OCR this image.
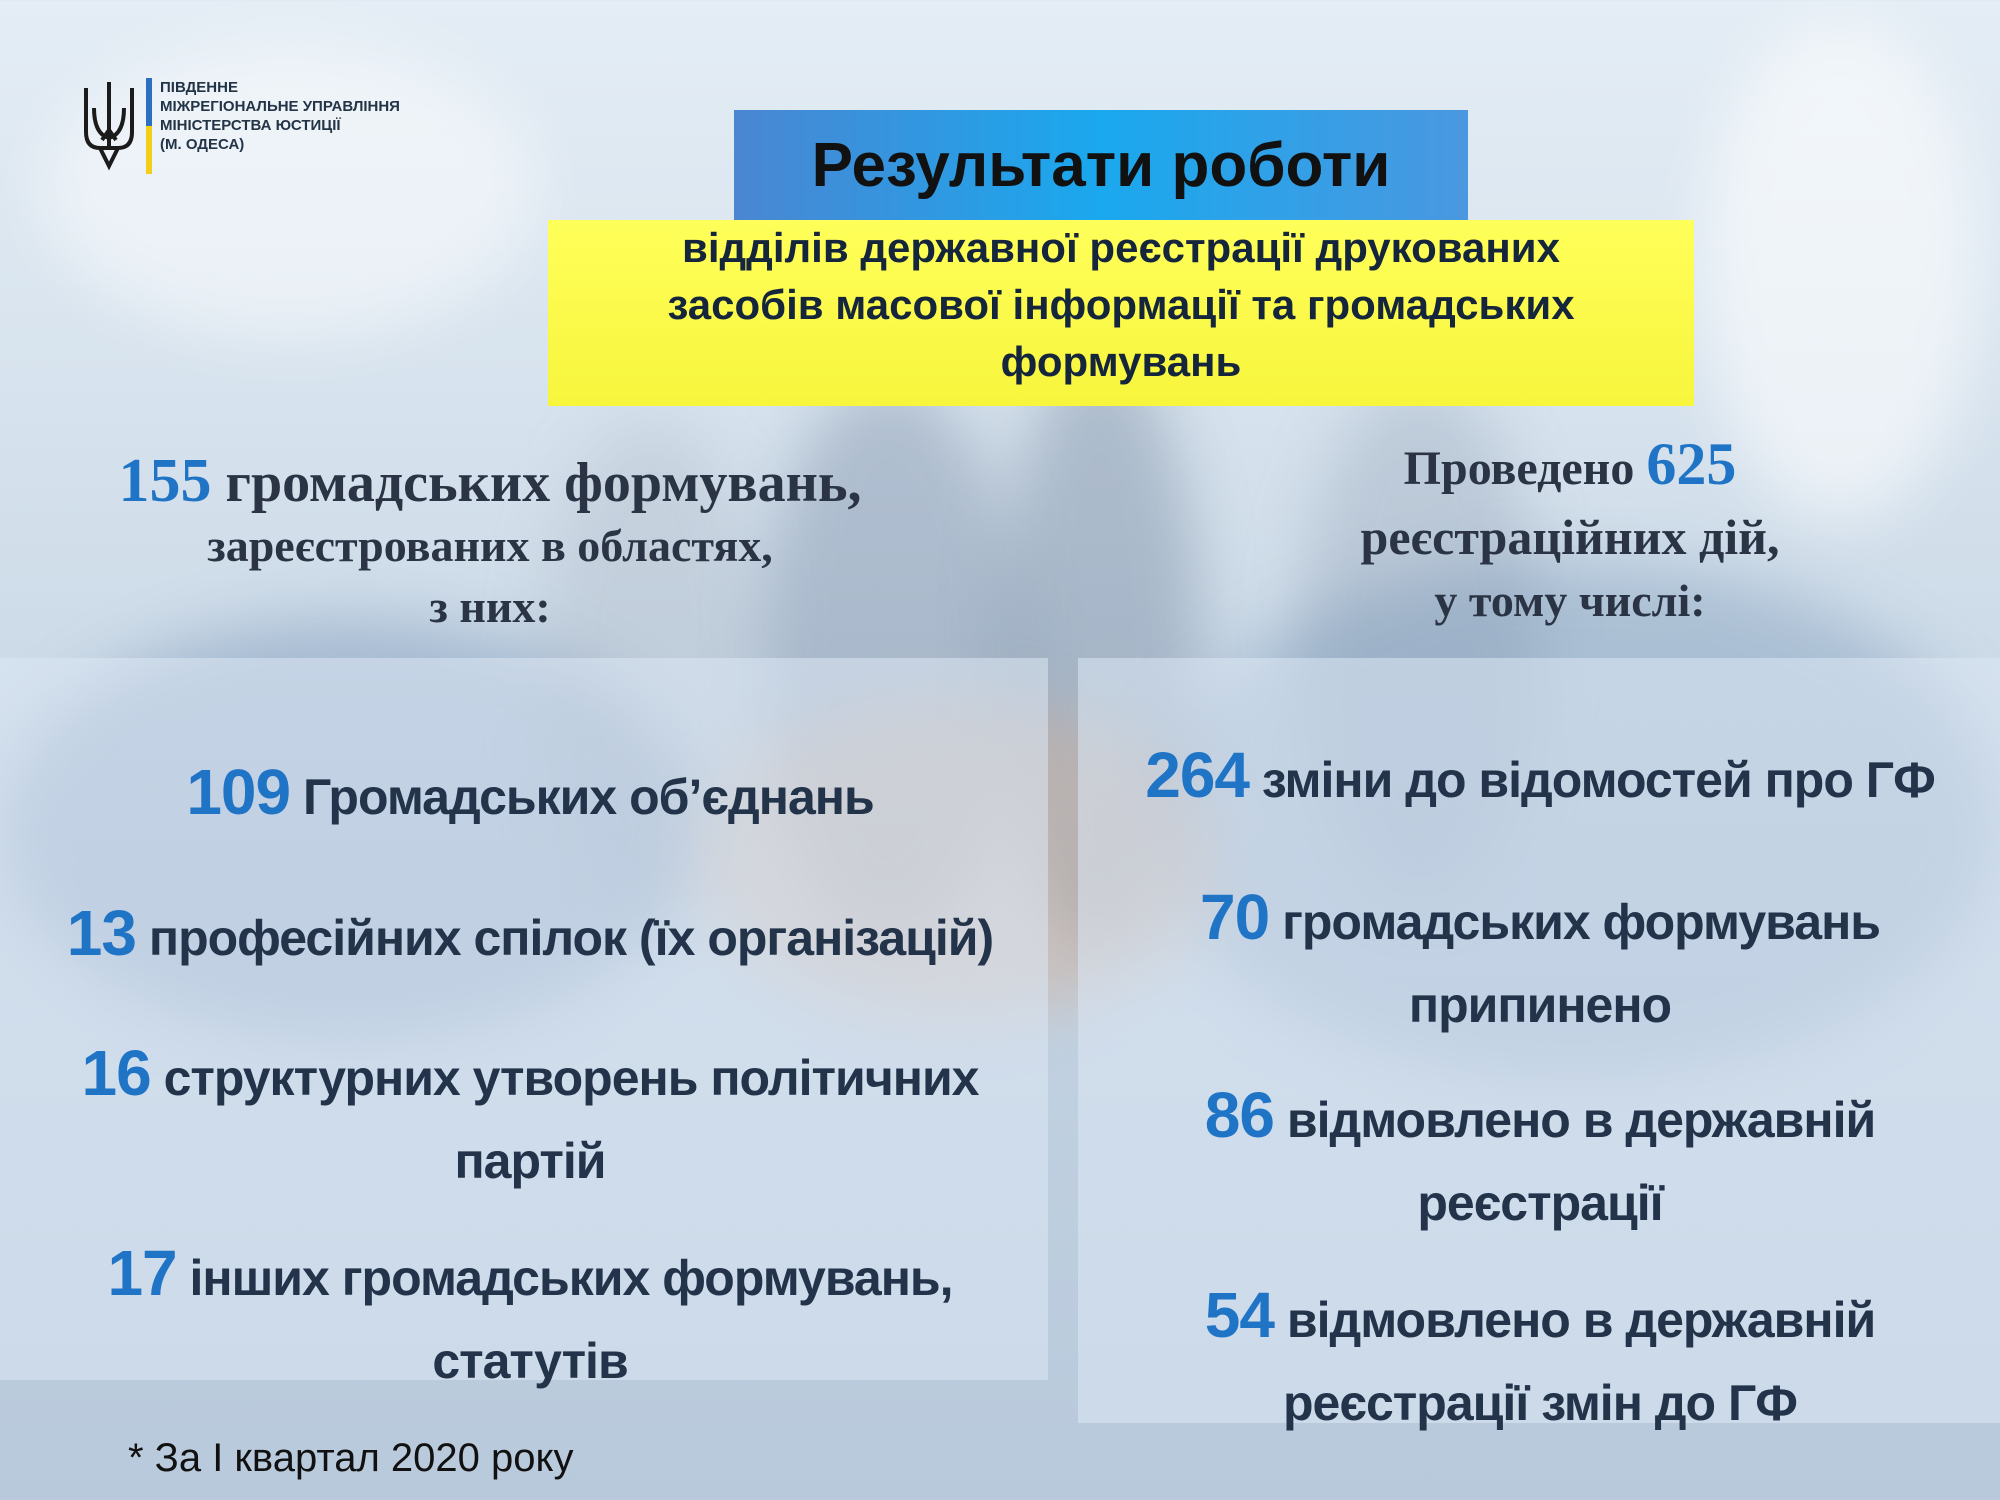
ПІВДЕННЕ
МІЖРЕГІОНАЛЬНЕ УПРАВЛІННЯ
МІНІСТЕРСТВА ЮСТИЦІЇ
(М. ОДЕСА)	Результати роботи
відділів державної реєстрації друкованих
засобів масової інформації та громадських
формувань
155 громадських формувань,
зареєстрованих в областях,
з них:
Проведено 625
реєстраційних дій,
у тому числі:
109 Громадських об’єднань
13 професійних спілок (їх організацій)
16 структурних утворень політичних
партій
17 інших громадських формувань,
статутів
264 зміни до відомостей про ГФ
70 громадських формувань
припинено
86 відмовлено в державній
реєстрації
54 відмовлено в державній
реєстрації змін до ГФ
* За I квартал 2020 року
